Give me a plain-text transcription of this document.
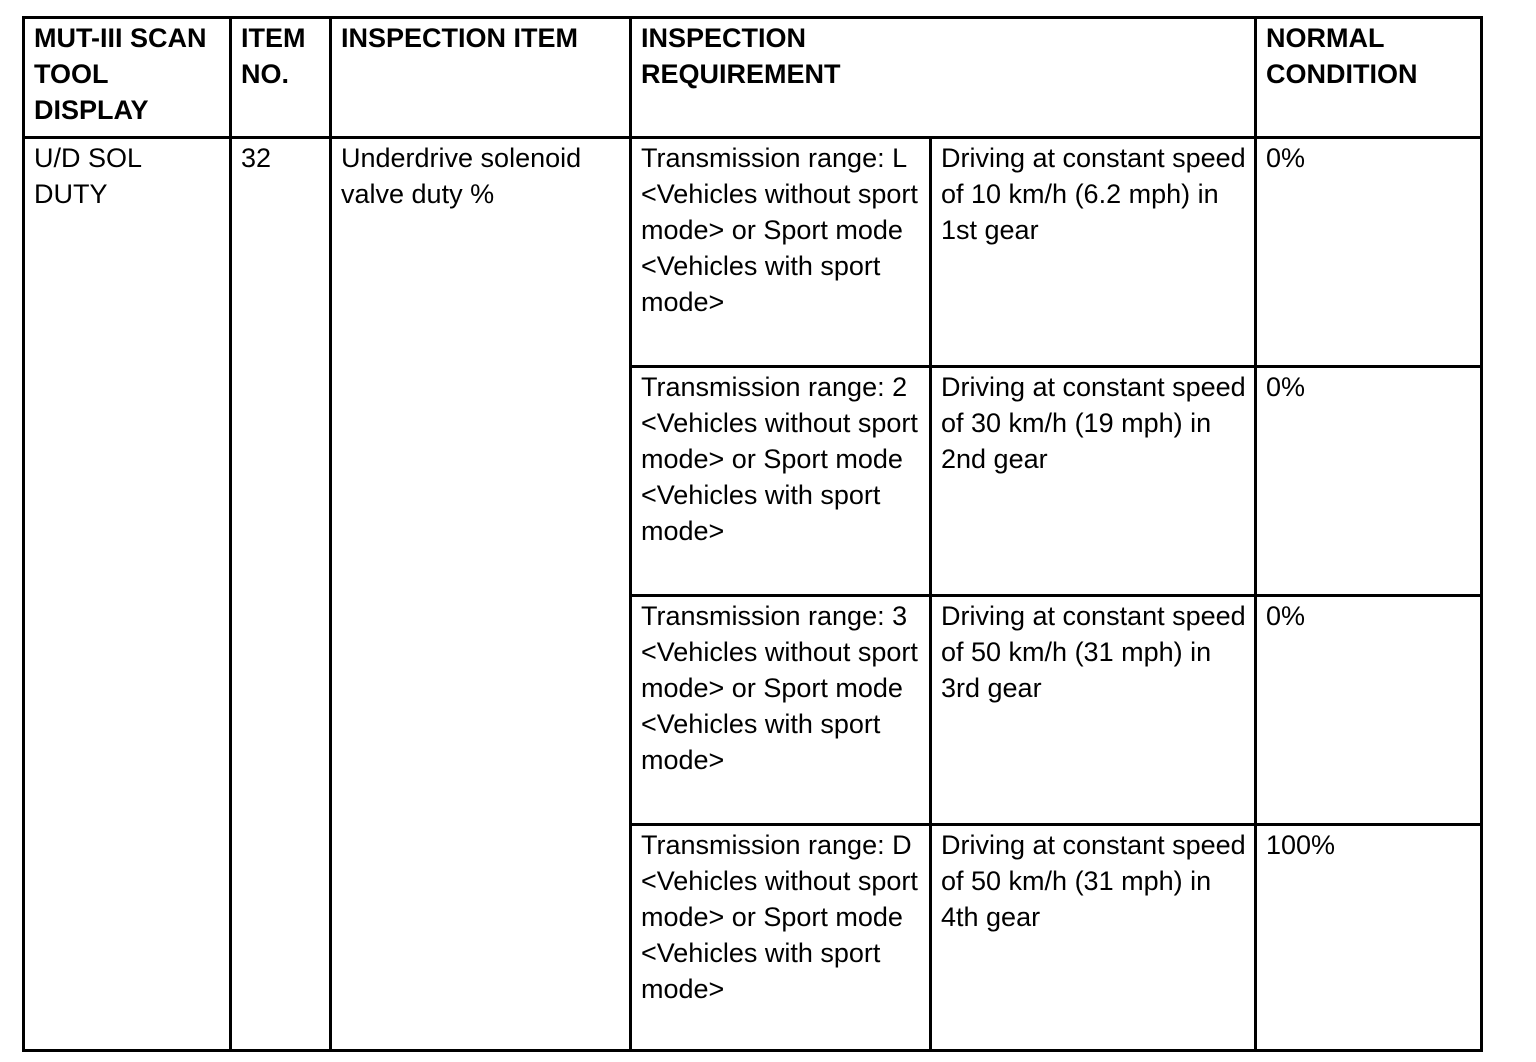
MUT-III SCAN TOOL DISPLAY	ITEM NO.	INSPECTION ITEM	INSPECTION REQUIREMENT		NORMAL CONDITION

U/D SOL DUTY	32	Underdrive solenoid valve duty %	Transmission range: L <Vehicles without sport mode> or Sport mode <Vehicles with sport mode>	Driving at constant speed of 10 km/h (6.2 mph) in 1st gear	0%

			Transmission range: 2 <Vehicles without sport mode> or Sport mode <Vehicles with sport mode>	Driving at constant speed of 30 km/h (19 mph) in 2nd gear	0%

			Transmission range: 3 <Vehicles without sport mode> or Sport mode <Vehicles with sport mode>	Driving at constant speed of 50 km/h (31 mph) in 3rd gear	0%

			Transmission range: D <Vehicles without sport mode> or Sport mode <Vehicles with sport mode>	Driving at constant speed of 50 km/h (31 mph) in 4th gear	100%
